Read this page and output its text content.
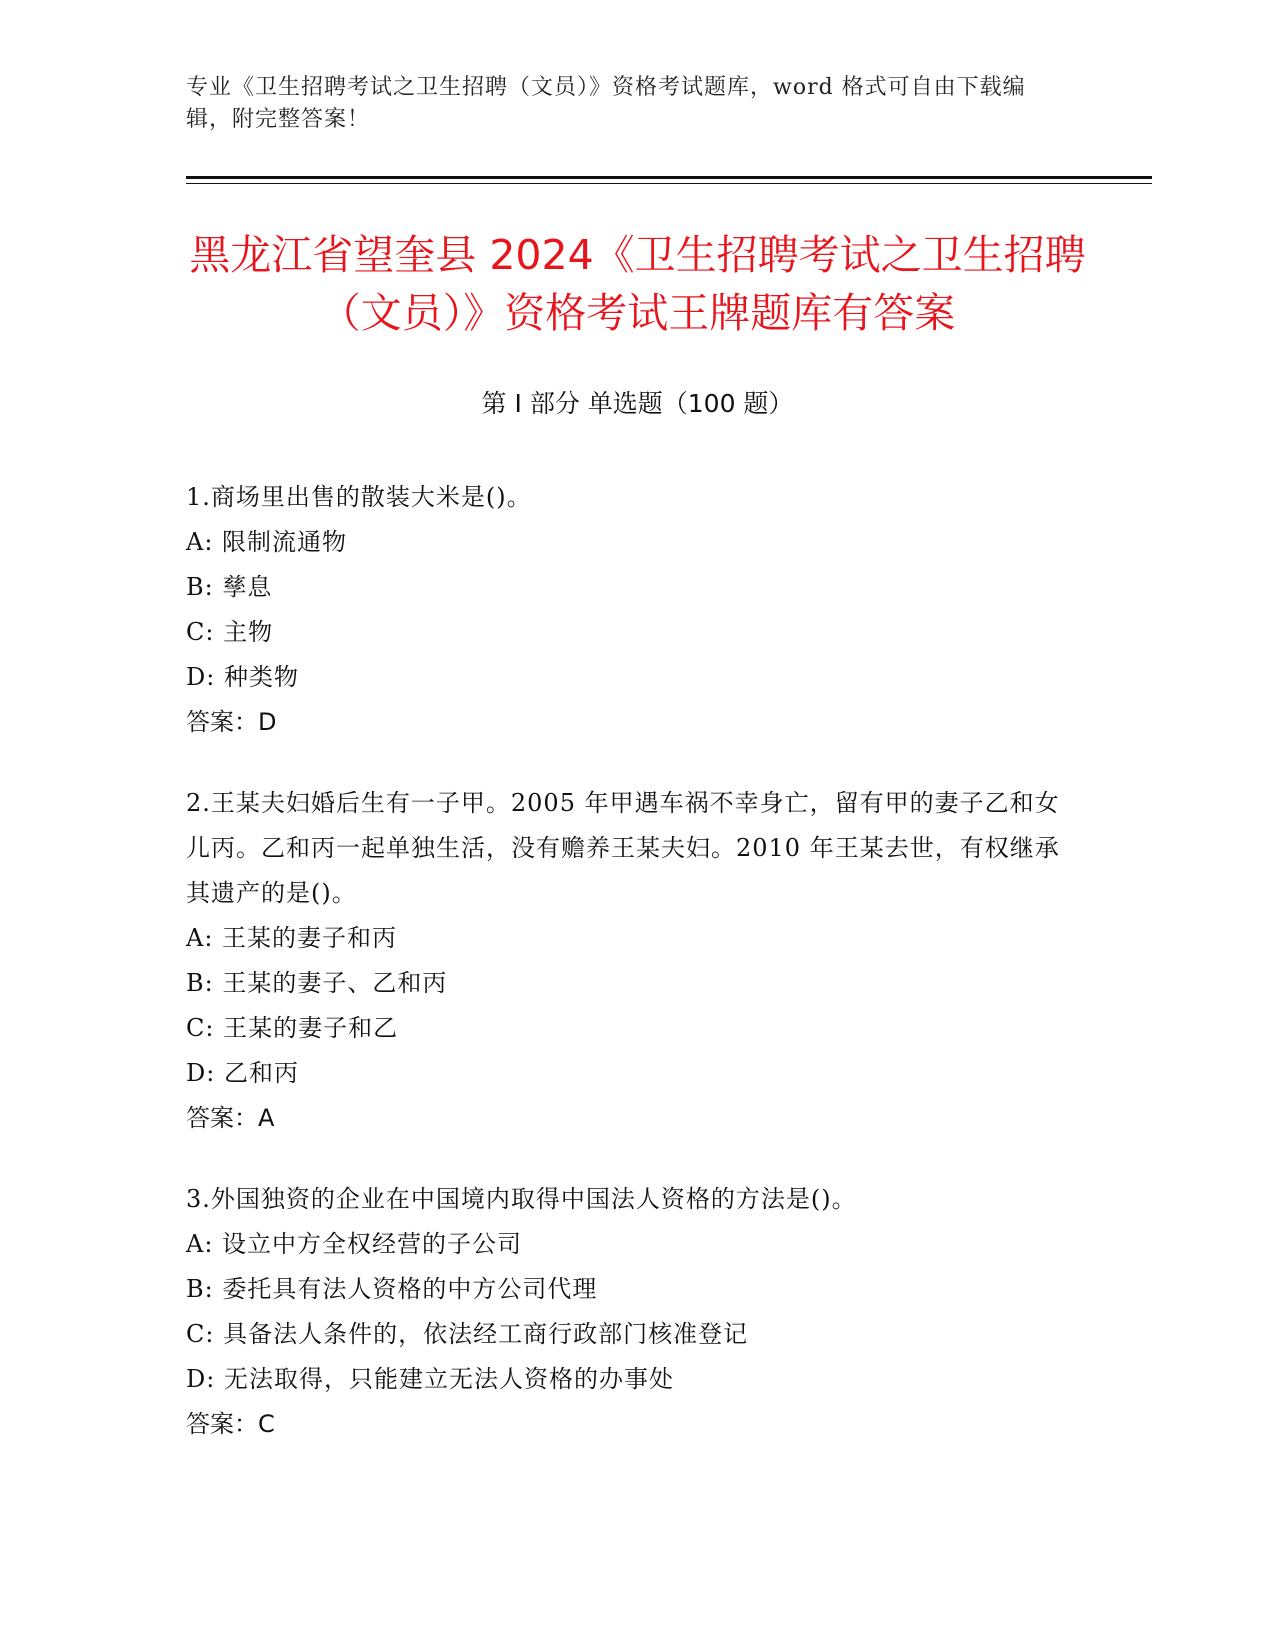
专业《卫生招聘考试之卫生招聘（文员）》资格考试题库，word 格式可自由下载编辑，附完整答案！
黑龙江省望奎县 2024《卫生招聘考试之卫生招聘（文员）》资格考试王牌题库有答案
第 I 部分 单选题（100 题）
1.商场里出售的散装大米是()。
A: 限制流通物
B: 孳息
C: 主物
D: 种类物
答案：D
2.王某夫妇婚后生有一子甲。2005 年甲遇车祸不幸身亡，留有甲的妻子乙和女儿丙。乙和丙一起单独生活，没有赡养王某夫妇。2010 年王某去世，有权继承其遗产的是()。
A: 王某的妻子和丙
B: 王某的妻子、乙和丙
C: 王某的妻子和乙
D: 乙和丙
答案：A
3.外国独资的企业在中国境内取得中国法人资格的方法是()。
A: 设立中方全权经营的子公司
B: 委托具有法人资格的中方公司代理
C: 具备法人条件的，依法经工商行政部门核准登记
D: 无法取得，只能建立无法人资格的办事处
答案：C
